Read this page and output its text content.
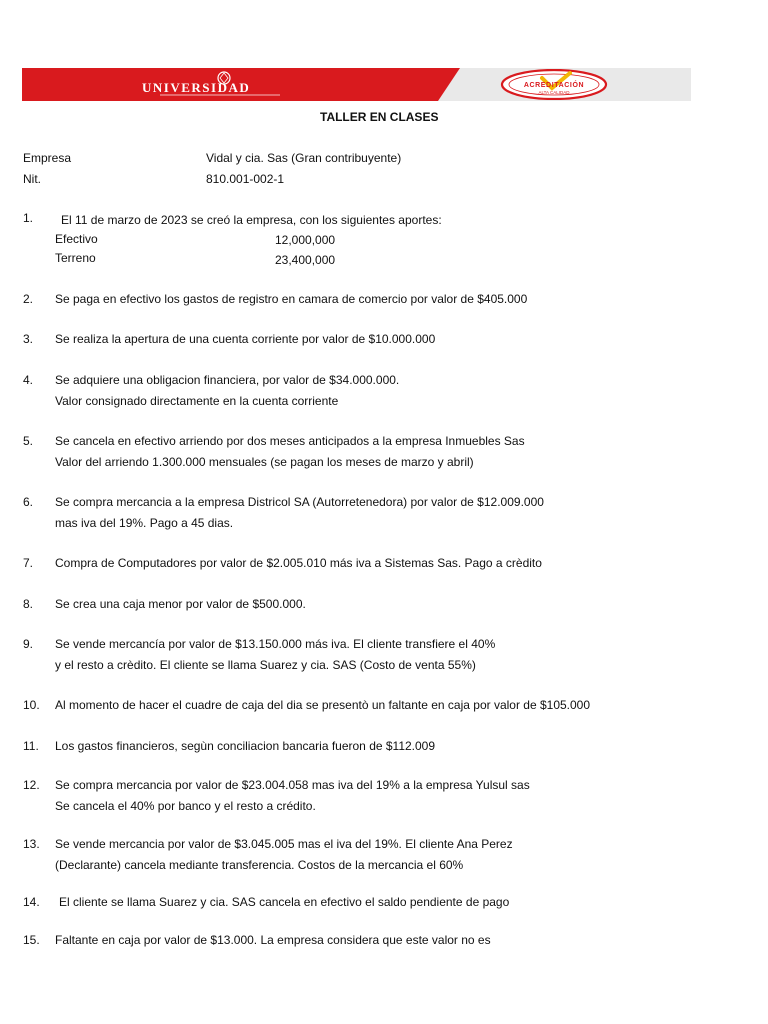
UNIVERSIDAD	ACREDITACIÓN
ALTA CALIDAD
TALLER EN CLASES
Empresa	Vidal y cia. Sas (Gran contribuyente)
Nit.	810.001-002-1
1. El 11 de marzo de 2023 se creó la empresa, con los siguientes aportes:
Efectivo	12,000,000
Terreno	23,400,000
2. Se paga en efectivo los gastos de registro en camara de comercio por valor de $405.000
3. Se realiza la apertura de una cuenta corriente por valor de $10.000.000
4. Se adquiere una obligacion financiera, por valor de $34.000.000.
Valor consignado directamente en la cuenta corriente
5. Se cancela en efectivo arriendo por dos meses anticipados a la empresa Inmuebles Sas
Valor del arriendo 1.300.000 mensuales (se pagan los meses de marzo y abril)
6. Se compra mercancia a la empresa Districol SA (Autorretenedora) por valor de $12.009.000
mas iva del 19%. Pago a 45 dias.
7. Compra de Computadores por valor de $2.005.010 más iva a Sistemas Sas. Pago a crèdito
8. Se crea una caja menor por valor de $500.000.
9. Se vende mercancía por valor de $13.150.000 más iva. El cliente transfiere el 40%
y el resto a crèdito. El cliente se llama Suarez y cia. SAS (Costo de venta 55%)
10. Al momento de hacer el cuadre de caja del dia se presentò un faltante en caja por valor de $105.000
11. Los gastos financieros, segùn conciliacion bancaria fueron de $112.009
12. Se compra mercancia por valor de $23.004.058 mas iva del 19% a la empresa Yulsul sas
Se cancela el 40% por banco y el resto a crédito.
13. Se vende mercancia por valor de $3.045.005 mas el iva del 19%. El cliente Ana Perez
(Declarante) cancela mediante transferencia. Costos de la mercancia el 60%
14. El cliente se llama Suarez y cia. SAS cancela en efectivo el saldo pendiente de pago
15. Faltante en caja por valor de $13.000. La empresa considera que este valor no es
